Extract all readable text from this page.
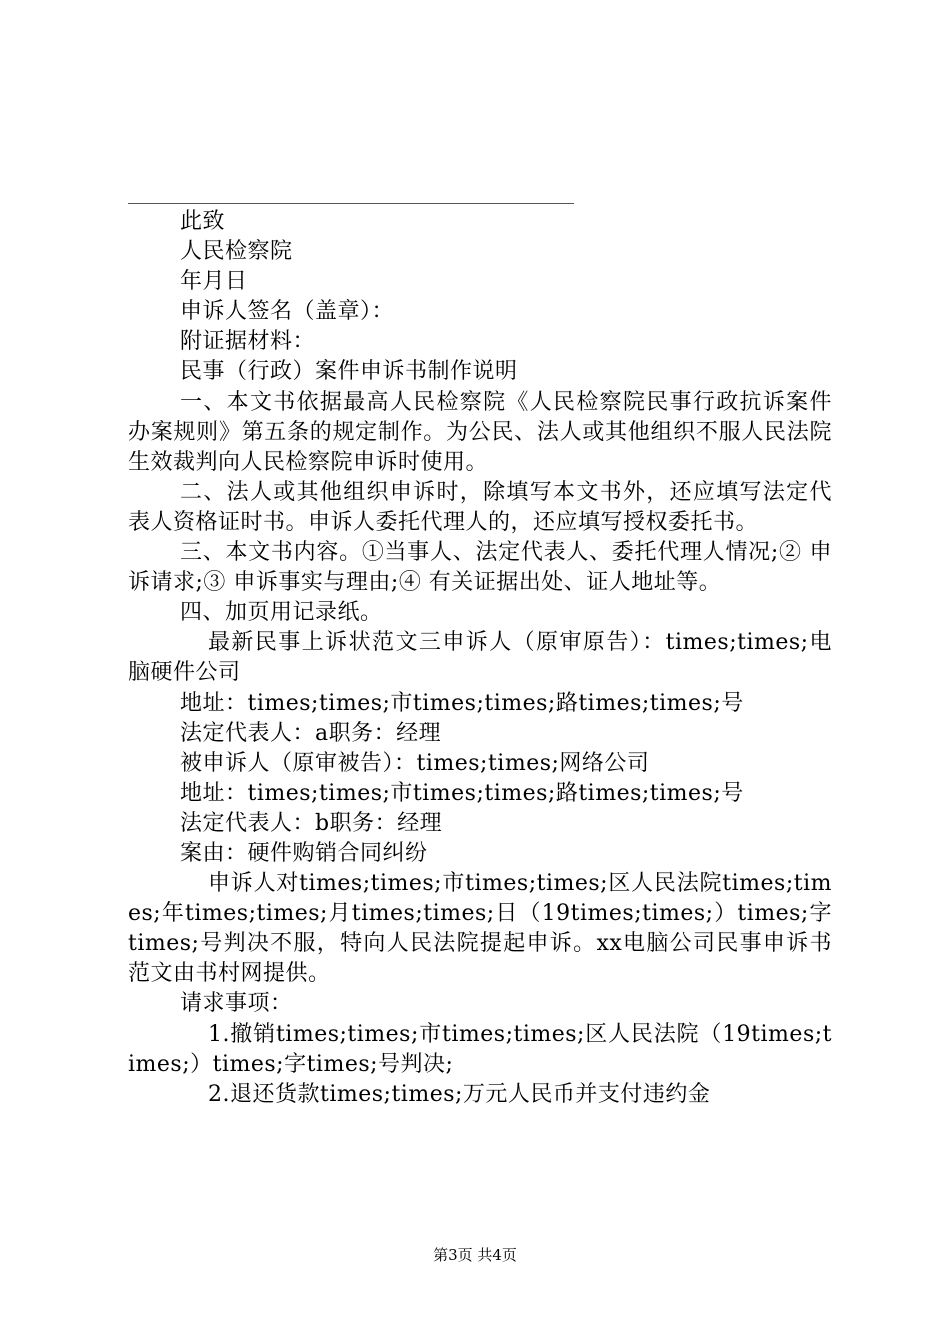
此致

人民检察院

年月日

申诉人签名（盖章）：

附证据材料：

民事（行政）案件申诉书制作说明

一、本文书依据最高人民检察院《人民检察院民事行政抗诉案件办案规则》第五条的规定制作。为公民、法人或其他组织不服人民法院生效裁判向人民检察院申诉时使用。

二、法人或其他组织申诉时，除填写本文书外，还应填写法定代表人资格证时书。申诉人委托代理人的，还应填写授权委托书。

三、本文书内容。①当事人、法定代表人、委托代理人情况;② 申诉请求;③ 申诉事实与理由;④ 有关证据出处、证人地址等。

四、加页用记录纸。

最新民事上诉状范文三申诉人（原审原告）：times;times;电脑硬件公司

地址：times;times;市times;times;路times;times;号

法定代表人：a职务：经理

被申诉人（原审被告）：times;times;网络公司

地址：times;times;市times;times;路times;times;号

法定代表人：b职务：经理

案由：硬件购销合同纠纷

申诉人对times;times;市times;times;区人民法院times;times;年times;times;月times;times;日（19times;times;）times;字times;号判决不服，特向人民法院提起申诉。xx电脑公司民事申诉书范文由书村网提供。

请求事项：

1.撤销times;times;市times;times;区人民法院（19times;times;）times;字times;号判决;

2.退还货款times;times;万元人民币并支付违约金

第3页 共4页
